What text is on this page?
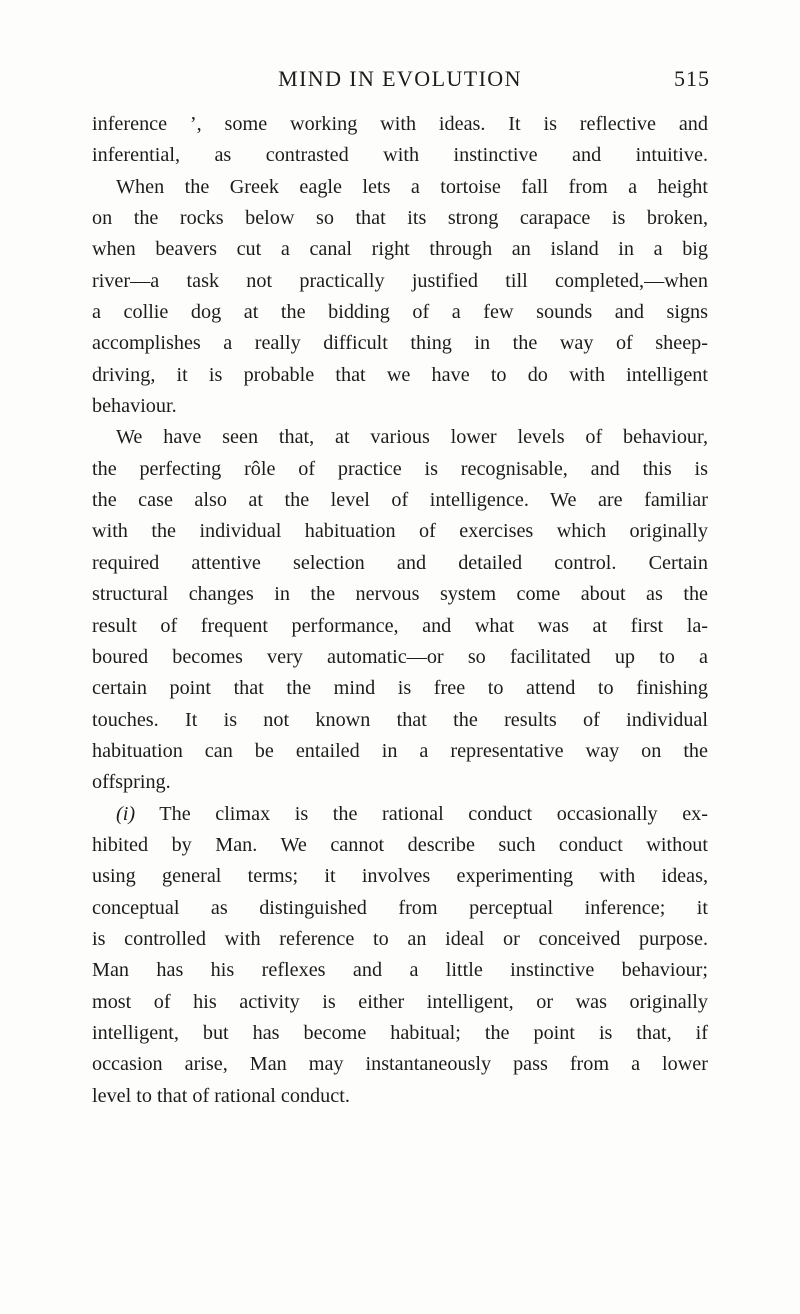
MIND IN EVOLUTION	515
inference ’, some working with ideas. It is reflective and
inferential, as contrasted with instinctive and intuitive.
When the Greek eagle lets a tortoise fall from a height
on the rocks below so that its strong carapace is broken,
when beavers cut a canal right through an island in a big
river—a task not practically justified till completed,—when
a collie dog at the bidding of a few sounds and signs
accomplishes a really difficult thing in the way of sheep-
driving, it is probable that we have to do with intelligent
behaviour.
We have seen that, at various lower levels of behaviour,
the perfecting rôle of practice is recognisable, and this is
the case also at the level of intelligence. We are familiar
with the individual habituation of exercises which originally
required attentive selection and detailed control. Certain
structural changes in the nervous system come about as the
result of frequent performance, and what was at first la-
boured becomes very automatic—or so facilitated up to a
certain point that the mind is free to attend to finishing
touches. It is not known that the results of individual
habituation can be entailed in a representative way on the
offspring.
(i) The climax is the rational conduct occasionally ex-
hibited by Man. We cannot describe such conduct without
using general terms; it involves experimenting with ideas,
conceptual as distinguished from perceptual inference; it
is controlled with reference to an ideal or conceived purpose.
Man has his reflexes and a little instinctive behaviour;
most of his activity is either intelligent, or was originally
intelligent, but has become habitual; the point is that, if
occasion arise, Man may instantaneously pass from a lower
level to that of rational conduct.
